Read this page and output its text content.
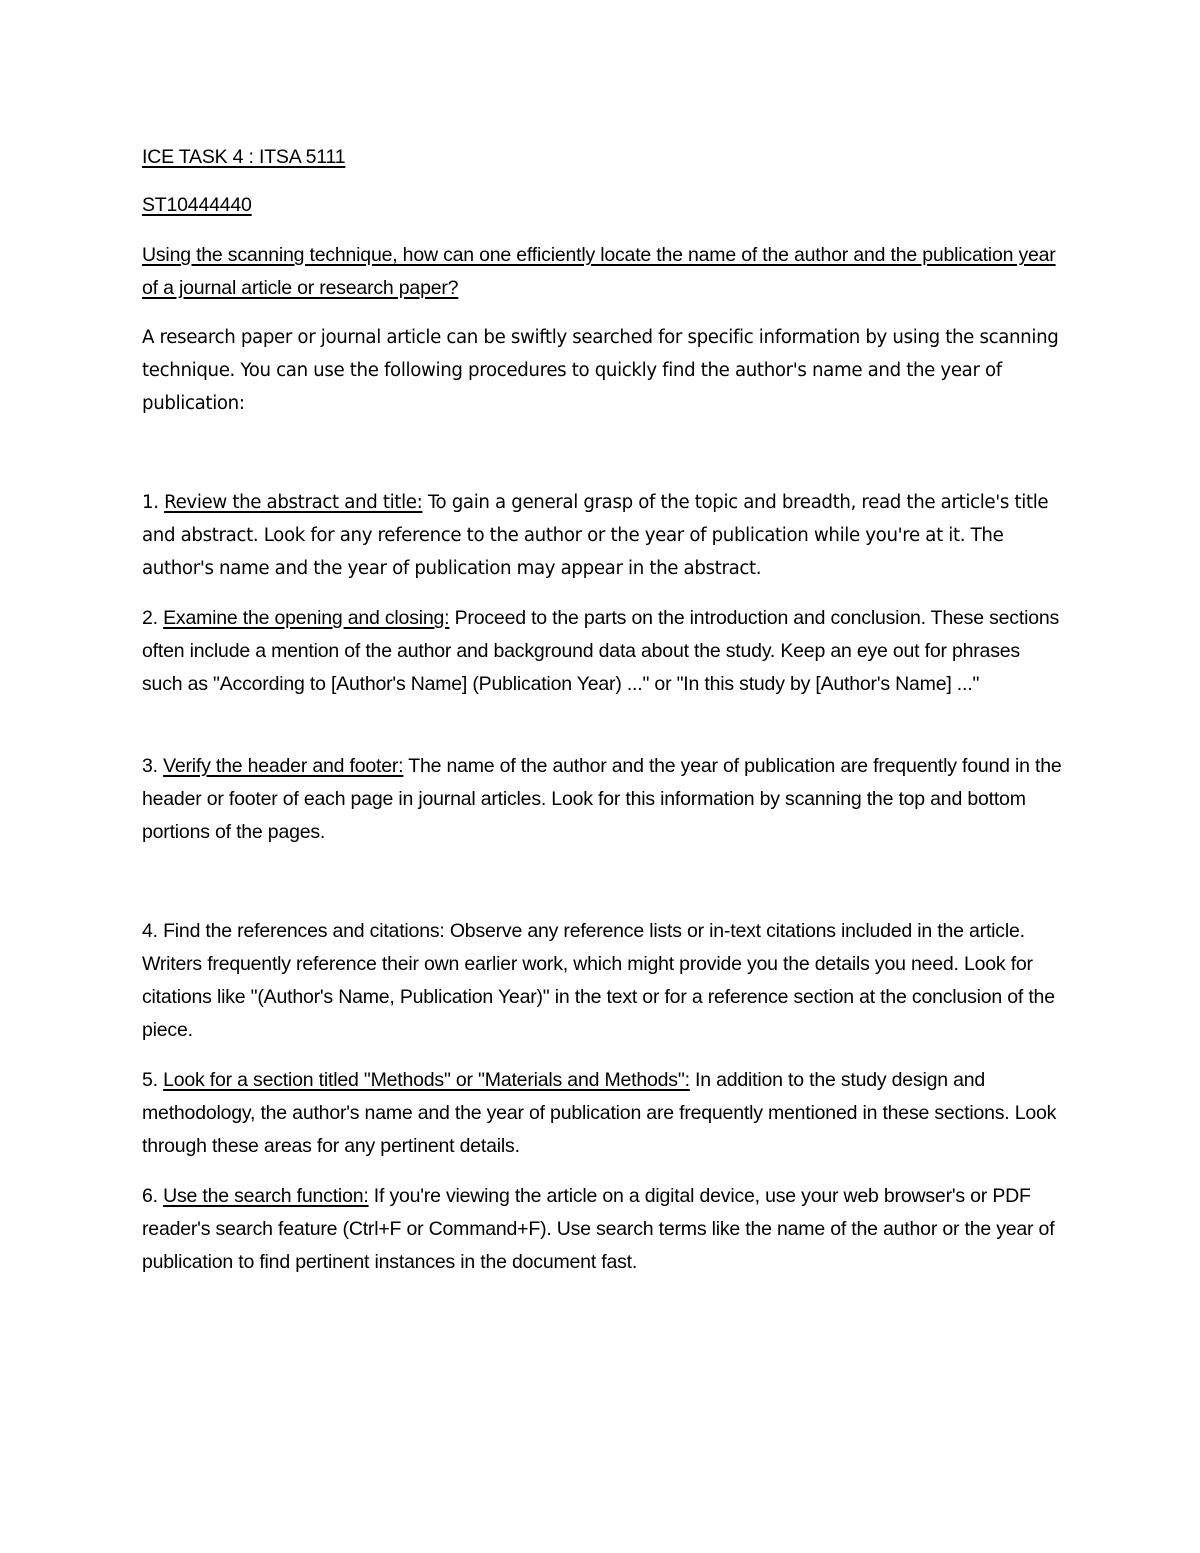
ICE TASK 4 : ITSA 5111

ST10444440

Using the scanning technique, how can one efficiently locate the name of the author and the publication year of a journal article or research paper?

A research paper or journal article can be swiftly searched for specific information by using the scanning technique. You can use the following procedures to quickly find the author's name and the year of publication:

1. Review the abstract and title: To gain a general grasp of the topic and breadth, read the article's title and abstract. Look for any reference to the author or the year of publication while you're at it. The author's name and the year of publication may appear in the abstract.

2. Examine the opening and closing: Proceed to the parts on the introduction and conclusion. These sections often include a mention of the author and background data about the study. Keep an eye out for phrases such as "According to [Author's Name] (Publication Year) ..." or "In this study by [Author's Name] ..."

3. Verify the header and footer: The name of the author and the year of publication are frequently found in the header or footer of each page in journal articles. Look for this information by scanning the top and bottom portions of the pages.

4. Find the references and citations: Observe any reference lists or in-text citations included in the article. Writers frequently reference their own earlier work, which might provide you the details you need. Look for citations like "(Author's Name, Publication Year)" in the text or for a reference section at the conclusion of the piece.

5. Look for a section titled "Methods" or "Materials and Methods": In addition to the study design and methodology, the author's name and the year of publication are frequently mentioned in these sections. Look through these areas for any pertinent details.

6. Use the search function: If you're viewing the article on a digital device, use your web browser's or PDF reader's search feature (Ctrl+F or Command+F). Use search terms like the name of the author or the year of publication to find pertinent instances in the document fast.
